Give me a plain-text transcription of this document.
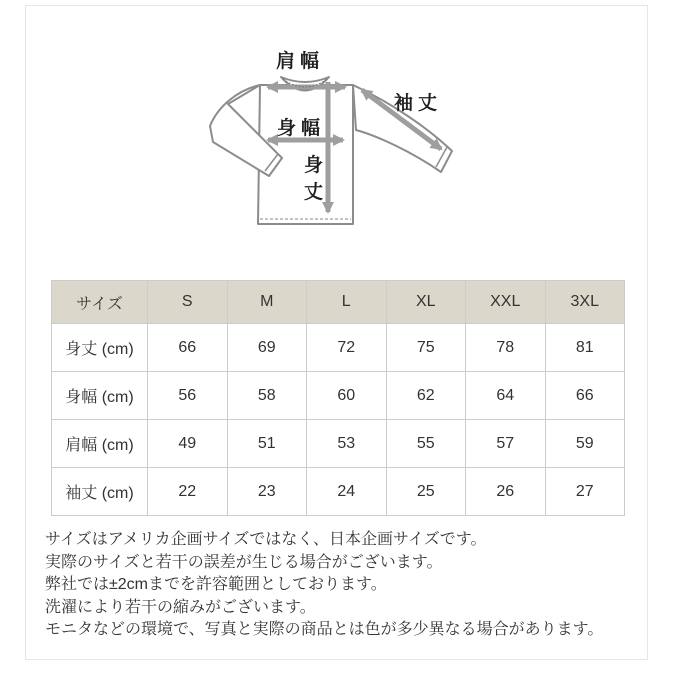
肩幅
袖丈
身幅
身
丈
サイズ	S	M	L	XL	XXL	3XL
身丈 (cm)	66	69	72	75	78	81
身幅 (cm)	56	58	60	62	64	66
肩幅 (cm)	49	51	53	55	57	59
袖丈 (cm)	22	23	24	25	26	27
サイズはアメリカ企画サイズではなく、日本企画サイズです。
実際のサイズと若干の誤差が生じる場合がございます。
弊社では±2cmまでを許容範囲としております。
洗濯により若干の縮みがございます。
モニタなどの環境で、写真と実際の商品とは色が多少異なる場合があります。
